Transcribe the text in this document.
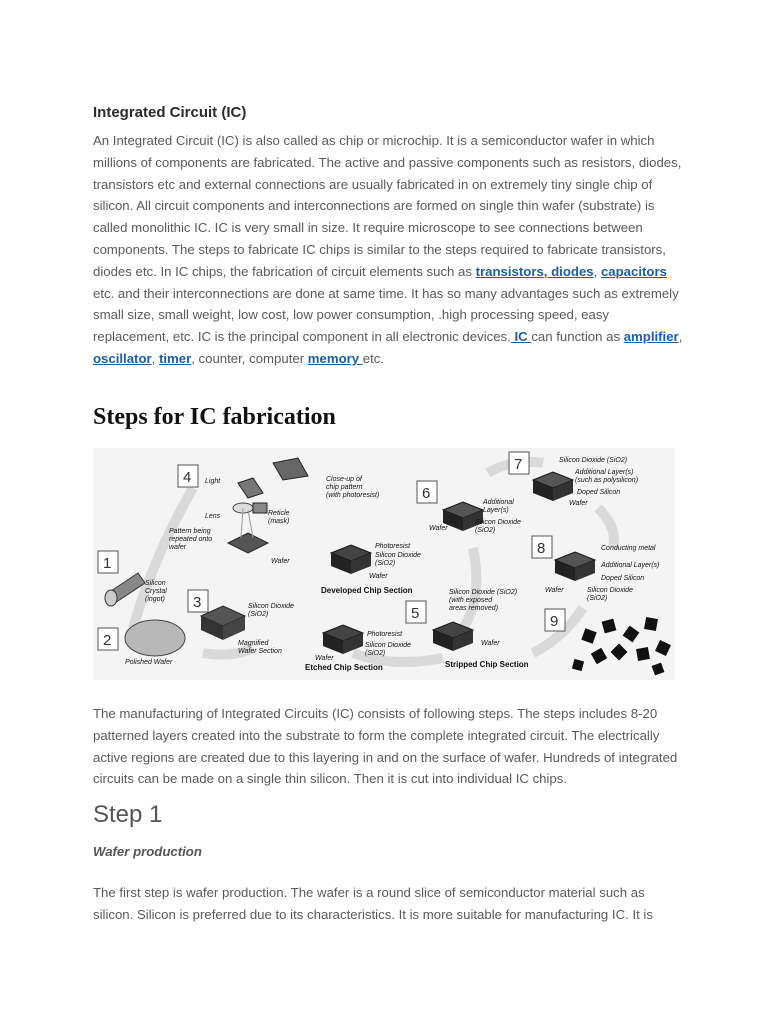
Integrated Circuit (IC)

An Integrated Circuit (IC) is also called as chip or microchip. It is a semiconductor wafer in which millions of components are fabricated. The active and passive components such as resistors, diodes, transistors etc and external connections are usually fabricated in on extremely tiny single chip of silicon. All circuit components and interconnections are formed on single thin wafer (substrate) is called monolithic IC. IC is very small in size. It require microscope to see connections between components. The steps to fabricate IC chips is similar to the steps required to fabricate transistors, diodes etc. In IC chips, the fabrication of circuit elements such as transistors, diodes, capacitors etc. and their interconnections are done at same time. It has so many advantages such as extremely small size, small weight, low cost, low power consumption, .high processing speed, easy replacement, etc. IC is the principal component in all electronic devices. IC can function as amplifier, oscillator, timer, counter, computer memory etc.

Steps for IC fabrication
1
2
3
4
5
6
7
8
9
Silicon
Crystal
(ingot)
Polished Wafer
Silicon Dioxide
(SiO2)
Magnified
Wafer Section
Light
Lens	Reticle
(mask)
Pattern being
repeated onto
wafer
Wafer
Close-up of
chip pattern
(with photoresist)
Photoresist
Silicon Dioxide
(SiO2)
Wafer
Developed Chip Section
Photoresist
Silicon Dioxide
(SiO2)
Wafer
Etched Chip Section
Silicon Dioxide (SiO2)
(with exposed
areas removed)
Wafer
Stripped Chip Section
Additional
Layer(s)
Silicon Dioxide
(SiO2)
Wafer
Silicon Dioxide (SiO2)
Additional Layer(s)
(such as polysilicon)
Doped Silicon
Wafer
Conducting metal
Additional Layer(s)
Doped Silicon
Wafer	Silicon Dioxide
(SiO2)

The manufacturing of Integrated Circuits (IC) consists of following steps. The steps includes 8-20 patterned layers created into the substrate to form the complete integrated circuit. The electrically active regions are created due to this layering in and on the surface of wafer. Hundreds of integrated circuits can be made on a single thin silicon. Then it is cut into individual IC chips.

Step 1

Wafer production

The first step is wafer production. The wafer is a round slice of semiconductor material such as silicon. Silicon is preferred due to its characteristics. It is more suitable for manufacturing IC. It is
